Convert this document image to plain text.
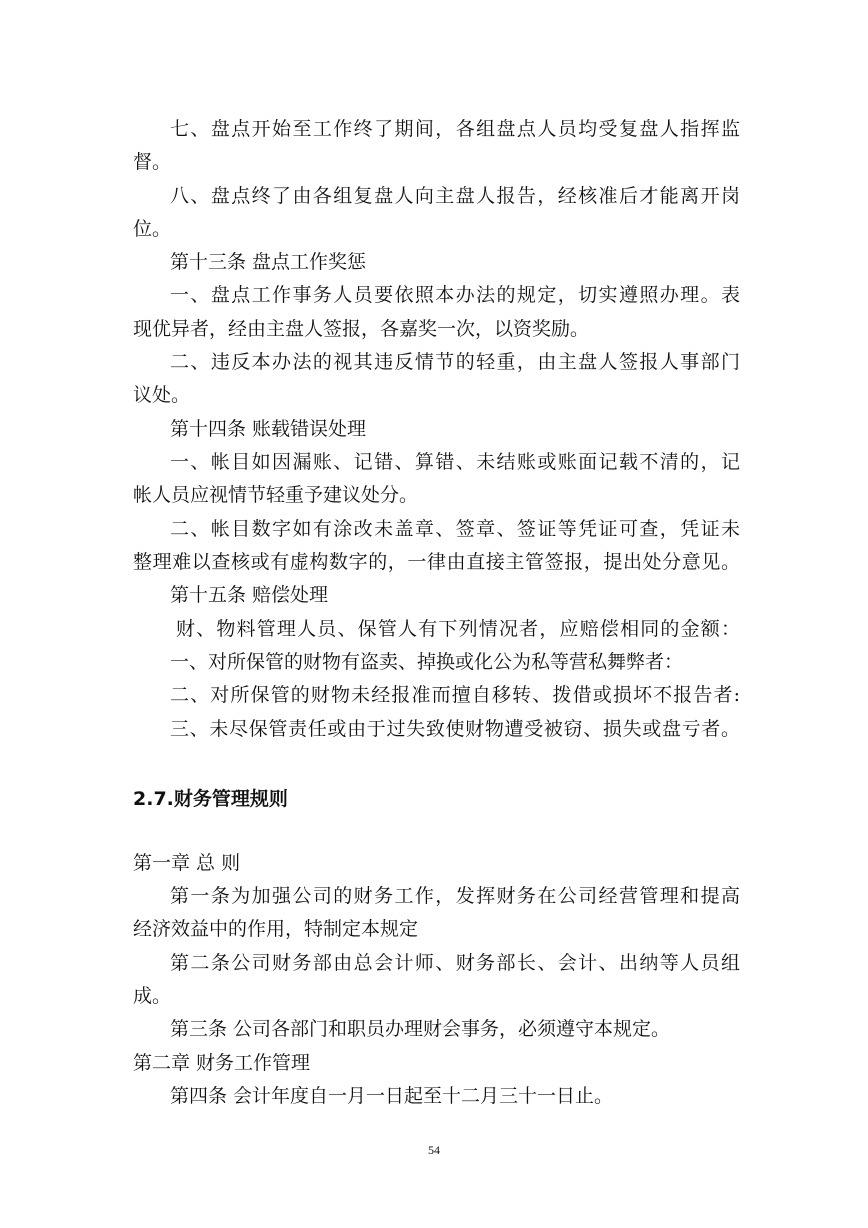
七、盘点开始至工作终了期间，各组盘点人员均受复盘人指挥监
督。
八、盘点终了由各组复盘人向主盘人报告，经核准后才能离开岗
位。
第十三条 盘点工作奖惩
一、盘点工作事务人员要依照本办法的规定，切实遵照办理。表
现优异者，经由主盘人签报，各嘉奖一次，以资奖励。
二、违反本办法的视其违反情节的轻重，由主盘人签报人事部门
议处。
第十四条 账载错误处理
一、帐目如因漏账、记错、算错、未结账或账面记载不清的，记
帐人员应视情节轻重予建议处分。
二、帐目数字如有涂改未盖章、签章、签证等凭证可查，凭证未
整理难以查核或有虚构数字的，一律由直接主管签报，提出处分意见。
第十五条 赔偿处理
财、物料管理人员、保管人有下列情况者，应赔偿相同的金额：
一、对所保管的财物有盗卖、掉换或化公为私等营私舞弊者：
二、对所保管的财物未经报准而擅自移转、拨借或损坏不报告者:
三、未尽保管责任或由于过失致使财物遭受被窃、损失或盘亏者。
2.7.财务管理规则
第一章 总 则
第一条为加强公司的财务工作，发挥财务在公司经营管理和提高
经济效益中的作用，特制定本规定
第二条公司财务部由总会计师、财务部长、会计、出纳等人员组
成。
第三条 公司各部门和职员办理财会事务，必须遵守本规定。
第二章 财务工作管理
第四条 会计年度自一月一日起至十二月三十一日止。
54
